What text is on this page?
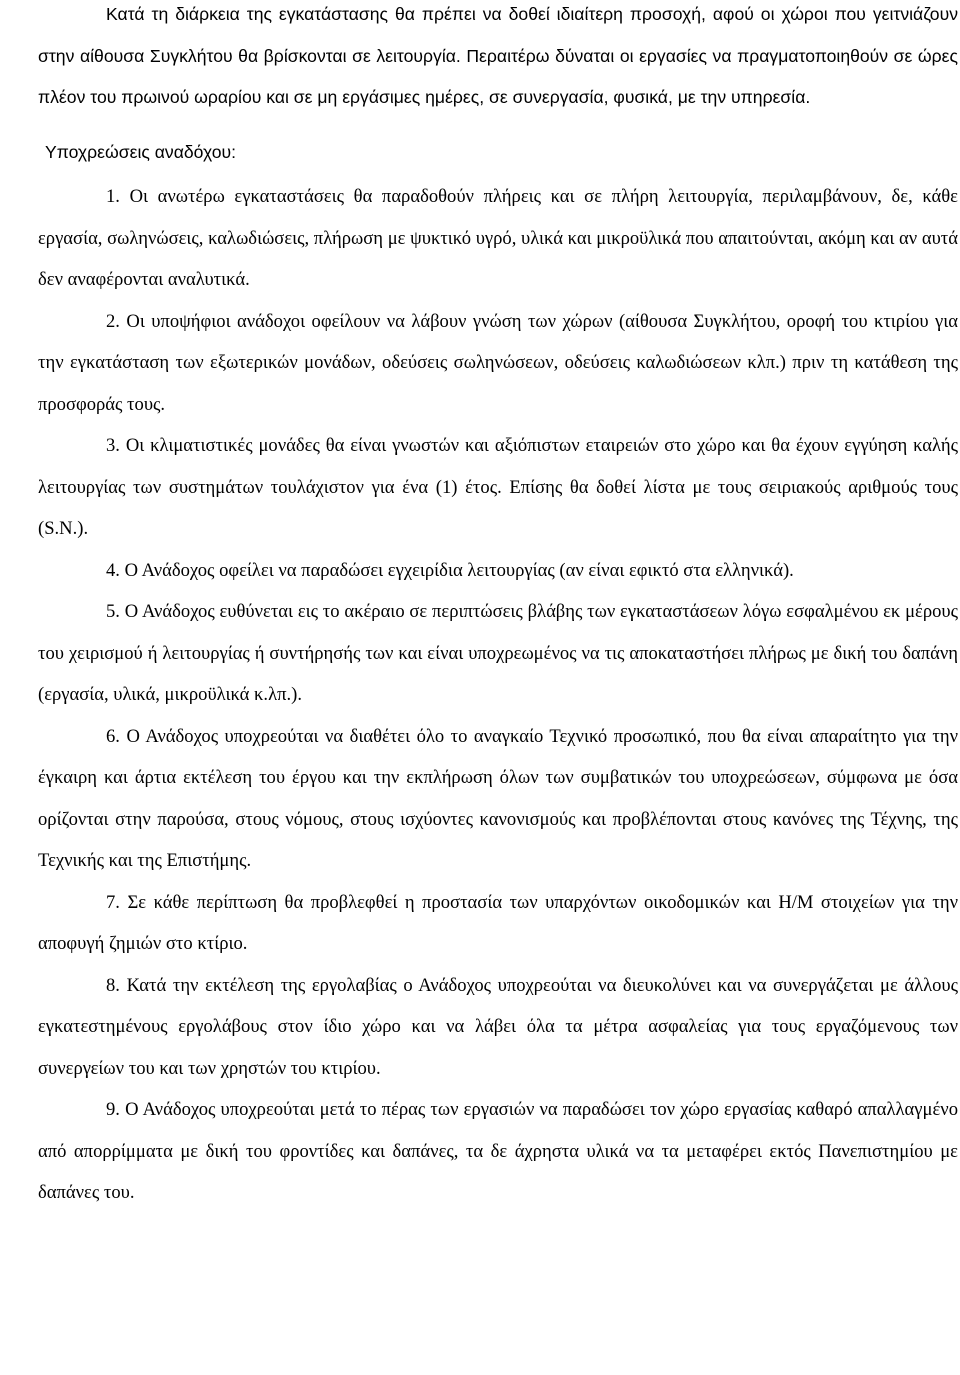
Κατά τη διάρκεια της εγκατάστασης θα πρέπει να δοθεί ιδιαίτερη προσοχή, αφού οι χώροι που γειτνιάζουν στην αίθουσα Συγκλήτου θα βρίσκονται σε λειτουργία. Περαιτέρω δύναται οι εργασίες να πραγματοποιηθούν σε ώρες πλέον του πρωινού ωραρίου και σε μη εργάσιμες ημέρες, σε συνεργασία, φυσικά, με την υπηρεσία.

Υποχρεώσεις αναδόχου:

1. Οι ανωτέρω εγκαταστάσεις θα παραδοθούν πλήρεις και σε πλήρη λειτουργία, περιλαμβάνουν, δε, κάθε εργασία, σωληνώσεις, καλωδιώσεις, πλήρωση με ψυκτικό υγρό, υλικά και μικροϋλικά που απαιτούνται, ακόμη και αν αυτά δεν αναφέρονται αναλυτικά.

2. Οι υποψήφιοι ανάδοχοι οφείλουν να λάβουν γνώση των χώρων (αίθουσα Συγκλήτου, οροφή του κτιρίου για την εγκατάσταση των εξωτερικών μονάδων, οδεύσεις σωληνώσεων, οδεύσεις καλωδιώσεων κλπ.) πριν τη κατάθεση της προσφοράς τους.

3. Οι κλιματιστικές μονάδες θα είναι γνωστών και αξιόπιστων εταιρειών στο χώρο και θα έχουν εγγύηση καλής λειτουργίας των συστημάτων τουλάχιστον για ένα (1) έτος. Επίσης θα δοθεί λίστα με τους σειριακούς αριθμούς τους (S.N.).

4. Ο Ανάδοχος οφείλει να παραδώσει εγχειρίδια λειτουργίας (αν είναι εφικτό στα ελληνικά).

5. Ο Ανάδοχος ευθύνεται εις το ακέραιο σε περιπτώσεις βλάβης των εγκαταστάσεων λόγω εσφαλμένου εκ μέρους του χειρισμού ή λειτουργίας ή συντήρησής των και είναι υποχρεωμένος να τις αποκαταστήσει πλήρως με δική του δαπάνη (εργασία, υλικά, μικροϋλικά κ.λπ.).

6. Ο Ανάδοχος υποχρεούται να διαθέτει όλο το αναγκαίο Τεχνικό προσωπικό, που θα είναι απαραίτητο για την έγκαιρη και άρτια εκτέλεση του έργου και την εκπλήρωση όλων των συμβατικών του υποχρεώσεων, σύμφωνα με όσα ορίζονται στην παρούσα, στους νόμους, στους ισχύοντες κανονισμούς και προβλέπονται στους κανόνες της Τέχνης, της Τεχνικής και της Επιστήμης.

7. Σε κάθε περίπτωση θα προβλεφθεί η προστασία των υπαρχόντων οικοδομικών και Η/Μ στοιχείων για την αποφυγή ζημιών στο κτίριο.

8. Κατά την εκτέλεση της εργολαβίας ο Ανάδοχος υποχρεούται να διευκολύνει και να συνεργάζεται με άλλους εγκατεστημένους εργολάβους στον ίδιο χώρο και να λάβει όλα τα μέτρα ασφαλείας για τους εργαζόμενους των συνεργείων του και των χρηστών του κτιρίου.

9. Ο Ανάδοχος υποχρεούται μετά το πέρας των εργασιών να παραδώσει τον χώρο εργασίας καθαρό απαλλαγμένο από απορρίμματα με δική του φροντίδες και δαπάνες, τα δε άχρηστα υλικά να τα μεταφέρει εκτός Πανεπιστημίου με δαπάνες του.
